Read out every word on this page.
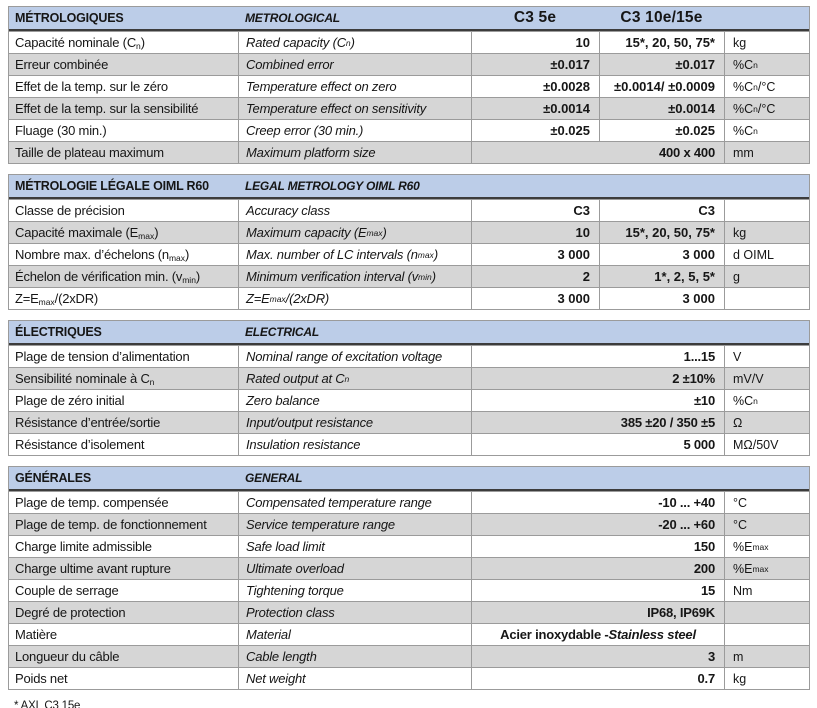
MÉTROLOGIQUES	METROLOGICAL	C3 5e	C3 10e/15e
Capacité nominale $(C_n)$	Rated capacity (C n )	10	15*, 20, 50, 75*	kg
Erreur combinée	Combined error	±0.017	±0.017	%C n
Effet de la temp. sur le zéro	Temperature effect on zero	±0.0028	±0.0014/ ±0.0009	%C n /°C
Effet de la temp. sur la sensibilité	Temperature effect on sensitivity	±0.0014	±0.0014	%C n /°C
Fluage (30 min.)	Creep error (30 min.)	±0.025	±0.025	%C n
Taille de plateau maximum	Maximum platform size	400 x 400	mm
MÉTROLOGIE LÉGALE OIML R60	LEGAL METROLOGY OIML R60
Classe de précision	Accuracy class	C3	C3
Capacité maximale $(E_{max})$	Maximum capacity (E max )	10	15*, 20, 50, 75*	kg
Nombre max. d’échelons $(n_{max})$	Max. number of LC intervals (n max )	3 000	3 000	d OIML
Échelon de vérification min. $(v_{min})$	Minimum verification interval (v min )	2	1*, 2, 5, 5*	g
$Z=E_{max}/(2xDR)$	Z=E max /(2xDR)	3 000	3 000
ÉLECTRIQUES	ELECTRICAL
Plage de tension d’alimentation	Nominal range of excitation voltage	1...15	V
Sensibilité nominale à $C_n$	Rated output at C n	2 ±10%	mV/V
Plage de zéro initial	Zero balance	±10	%C n
Résistance d’entrée/sortie	Input/output resistance	385 ±20 / 350 ±5	Ω
Résistance d’isolement	Insulation resistance	5 000	MΩ/50V
GÉNÉRALES	GENERAL
Plage de temp. compensée	Compensated temperature range	-10 ... +40	°C
Plage de temp. de fonctionnement	Service temperature range	-20 ... +60	°C
Charge limite admissible	Safe load limit	150	%E max
Charge ultime avant rupture	Ultimate overload	200	%E max
Couple de serrage	Tightening torque	15	Nm
Degré de protection	Protection class	IP68, IP69K
Matière	Material	Acier inoxydable - Stainless steel
Longueur du câble	Cable length	3	m
Poids net	Net weight	0.7	kg
* AXL C3 15e
